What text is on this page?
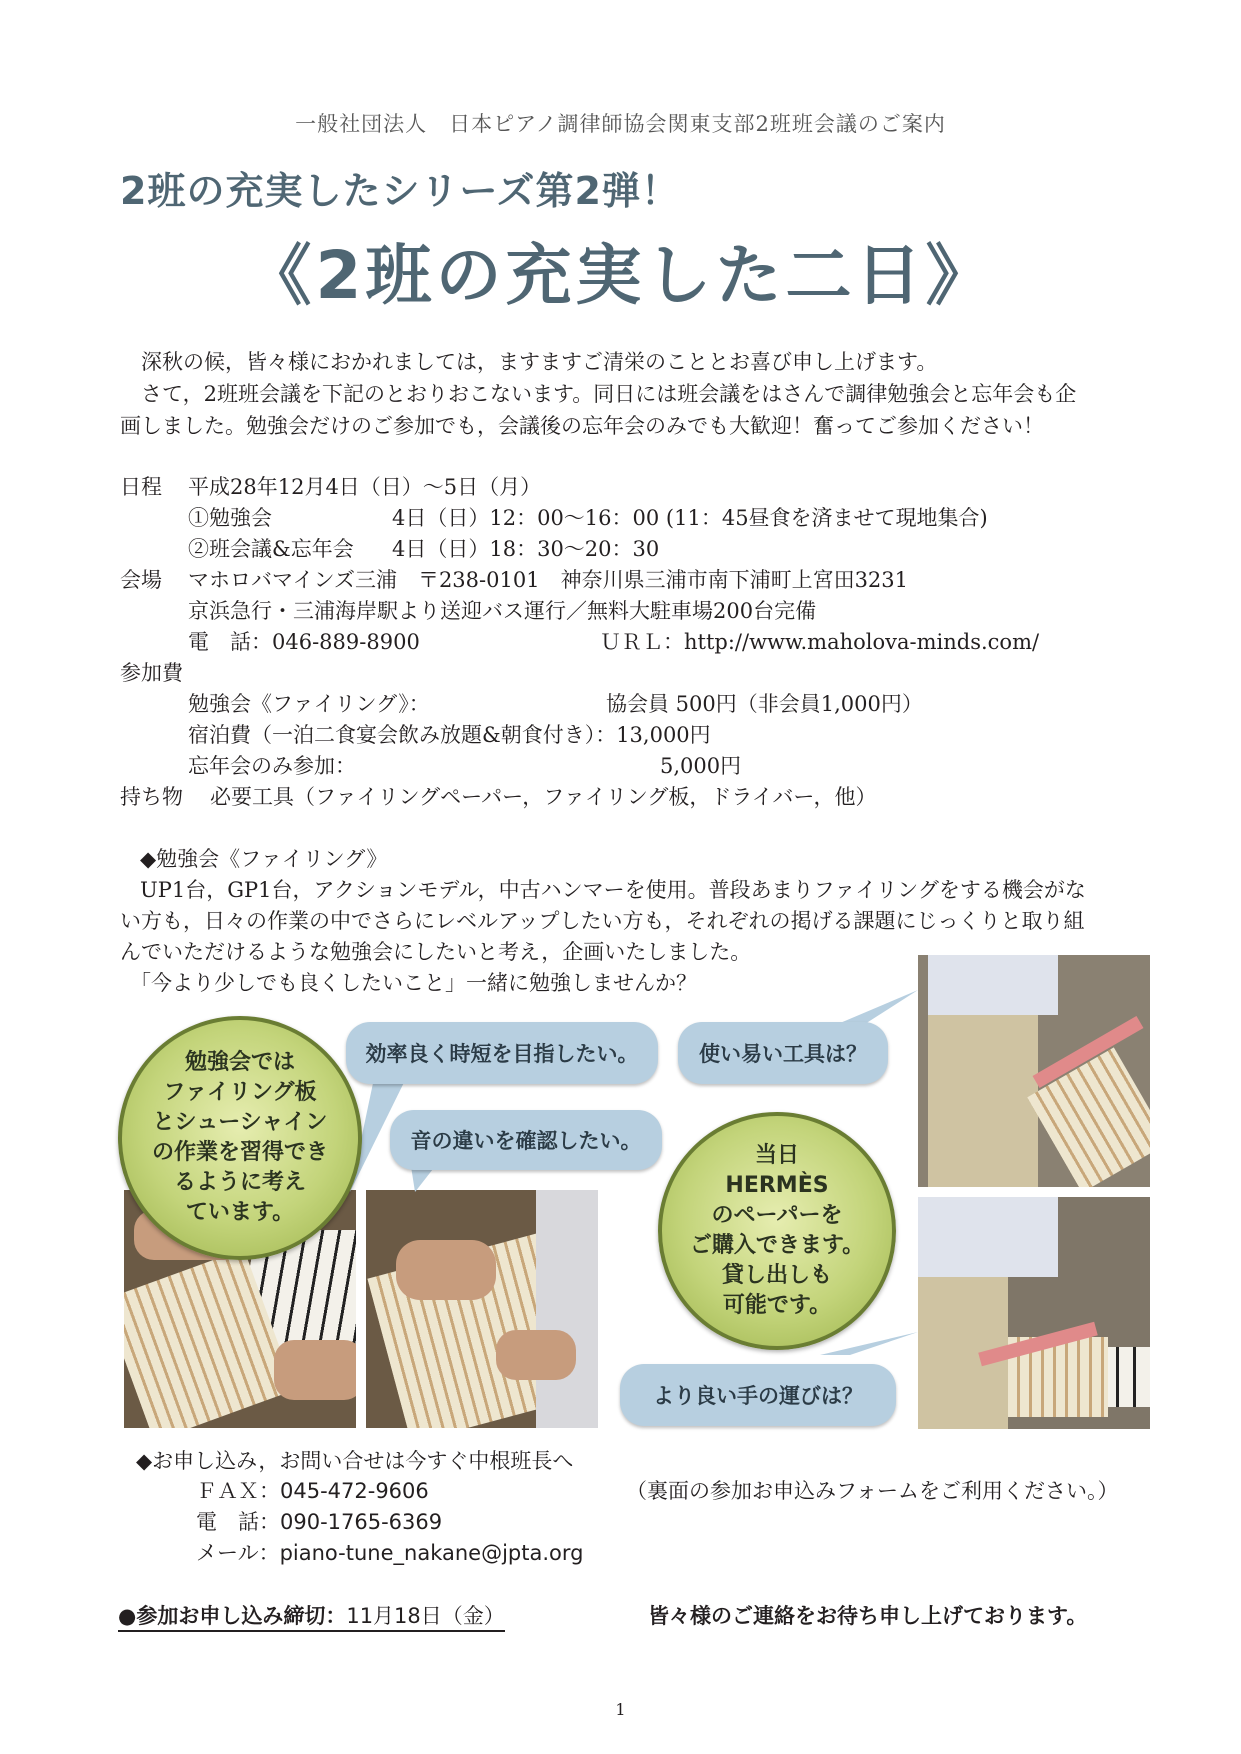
一般社団法人　日本ピアノ調律師協会関東支部2班班会議のご案内
2班の充実したシリーズ第2弾！
《2班の充実した二日》
　深秋の候，皆々様におかれましては，ますますご清栄のこととお喜び申し上げます。
　さて，2班班会議を下記のとおりおこないます。同日には班会議をはさんで調律勉強会と忘年会も企
画しました。勉強会だけのご参加でも，会議後の忘年会のみでも大歓迎！奮ってご参加ください！
日程 平成28年12月4日（日）～5日（月）
①勉強会	4日（日）12：00～16：00 (11：45昼食を済ませて現地集合)
②班会議&忘年会 4日（日）18：30～20：30
会場 マホロバマインズ三浦　〒238-0101　神奈川県三浦市南下浦町上宮田3231
京浜急行・三浦海岸駅より送迎バス運行／無料大駐車場200台完備
電　話：046-889-8900	ＵＲＬ：http://www.maholova-minds.com/
参加費
勉強会《ファイリング》：	協会員 500円（非会員1,000円）
宿泊費（一泊二食宴会飲み放題&朝食付き）：13,000円
忘年会のみ参加：	5,000円
持ち物 必要工具（ファイリングペーパー，ファイリング板，ドライバー，他）
◆勉強会《ファイリング》
UP1台，GP1台，アクションモデル，中古ハンマーを使用。普段あまりファイリングをする機会がな
い方も，日々の作業の中でさらにレベルアップしたい方も，それぞれの掲げる課題にじっくりと取り組
んでいただけるような勉強会にしたいと考え，企画いたしました。
「今より少しでも良くしたいこと」一緒に勉強しませんか？
効率良く時短を目指したい。	使い易い工具は？
音の違いを確認したい。
より良い手の運びは？
勉強会では
ファイリング板
とシューシャイン
の作業を習得でき
るように考え
ています。
当日
HERMÈS
のペーパーを
ご購入できます。
貸し出しも
可能です。
◆お申し込み，お問い合せは今すぐ中根班長へ
ＦＡＸ：045-472-9606
電　話：090-1765-6369
メール：piano-tune_nakane@jpta.org
（裏面の参加お申込みフォームをご利用ください。）
●参加お申し込み締切：11月18日（金）	皆々様のご連絡をお待ち申し上げております。
1
